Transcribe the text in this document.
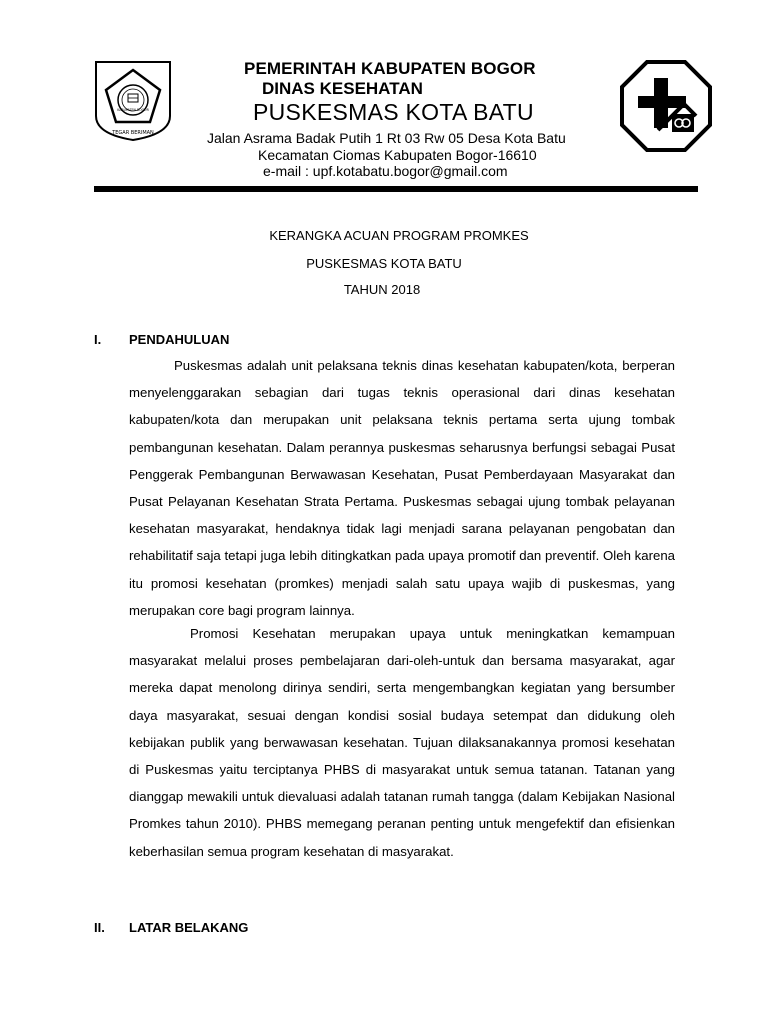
KABUPATEN BOGOR
TEGAR BERIMAN
PEMERINTAH KABUPATEN BOGOR
DINAS KESEHATAN
PUSKESMAS KOTA BATU
Jalan Asrama Badak Putih 1 Rt 03 Rw 05 Desa Kota Batu
Kecamatan Ciomas Kabupaten Bogor-16610
e-mail : upf.kotabatu.bogor@gmail.com
KERANGKA ACUAN PROGRAM PROMKES
PUSKESMAS KOTA BATU
TAHUN 2018
I. PENDAHULUAN
Puskesmas adalah unit pelaksana teknis dinas kesehatan kabupaten/kota, berperan menyelenggarakan sebagian dari tugas teknis operasional dari dinas kesehatan kabupaten/kota dan merupakan unit pelaksana teknis pertama serta ujung tombak pembangunan kesehatan. Dalam perannya puskesmas seharusnya berfungsi sebagai Pusat Penggerak Pembangunan Berwawasan Kesehatan, Pusat Pemberdayaan Masyarakat dan Pusat Pelayanan Kesehatan Strata Pertama. Puskesmas sebagai ujung tombak pelayanan kesehatan masyarakat, hendaknya tidak lagi menjadi sarana pelayanan pengobatan dan rehabilitatif saja tetapi juga lebih ditingkatkan pada upaya promotif dan preventif. Oleh karena itu promosi kesehatan (promkes) menjadi salah satu upaya wajib di puskesmas, yang merupakan core bagi program lainnya.
Promosi Kesehatan merupakan upaya untuk meningkatkan kemampuan masyarakat melalui proses pembelajaran dari-oleh-untuk dan bersama masyarakat, agar mereka dapat menolong dirinya sendiri, serta mengembangkan kegiatan yang bersumber daya masyarakat, sesuai dengan kondisi sosial budaya setempat dan didukung oleh kebijakan publik yang berwawasan kesehatan. Tujuan dilaksanakannya promosi kesehatan di Puskesmas yaitu terciptanya PHBS di masyarakat untuk semua tatanan. Tatanan yang dianggap mewakili untuk dievaluasi adalah tatanan rumah tangga (dalam Kebijakan Nasional Promkes tahun 2010). PHBS memegang peranan penting untuk mengefektif dan efisienkan keberhasilan semua program kesehatan di masyarakat.
II. LATAR BELAKANG
